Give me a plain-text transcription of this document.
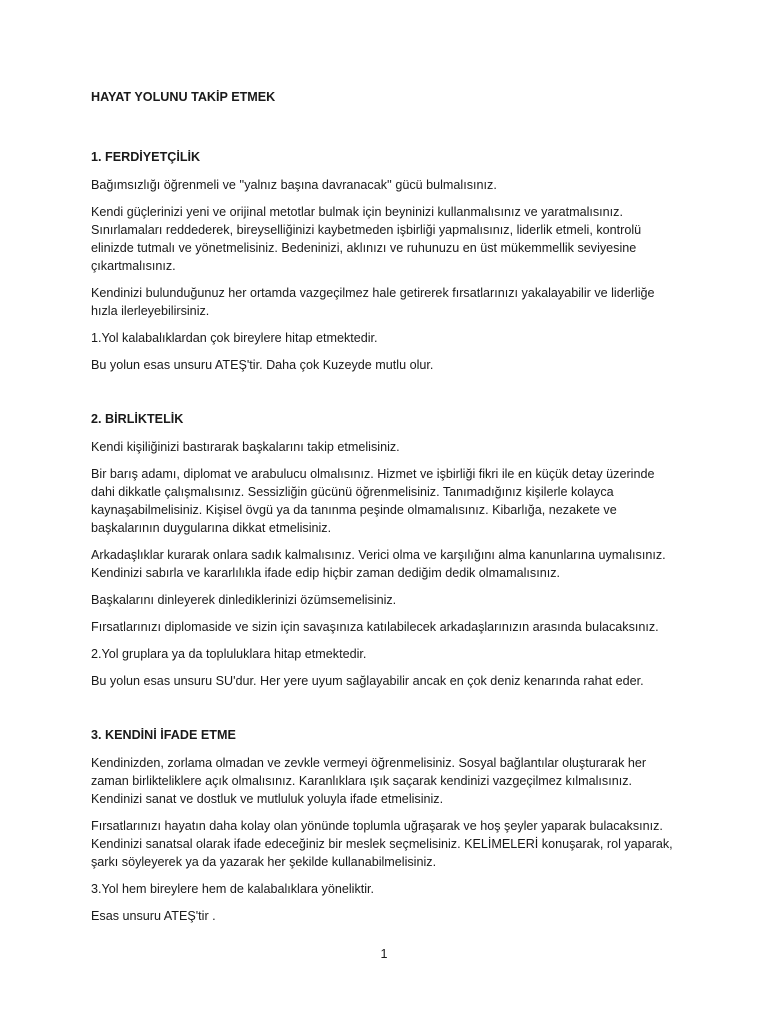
HAYAT YOLUNU TAKİP ETMEK
1. FERDİYETÇİLİK

Bağımsızlığı öğrenmeli ve ''yalnız başına davranacak'' gücü bulmalısınız.

Kendi güçlerinizi yeni ve orijinal metotlar bulmak için beyninizi kullanmalısınız ve yaratmalısınız. Sınırlamaları reddederek, bireyselliğinizi kaybetmeden işbirliği yapmalısınız, liderlik etmeli, kontrolü elinizde tutmalı ve yönetmelisiniz. Bedeninizi, aklınızı ve ruhunuzu en üst mükemmellik seviyesine çıkartmalısınız.

Kendinizi bulunduğunuz her ortamda vazgeçilmez hale getirerek fırsatlarınızı yakalayabilir ve liderliğe hızla ilerleyebilirsiniz.

1.Yol kalabalıklardan çok bireylere hitap etmektedir.

Bu yolun esas unsuru ATEŞ'tir. Daha çok Kuzeyde mutlu olur.

2. BİRLİKTELİK

Kendi kişiliğinizi bastırarak başkalarını takip etmelisiniz.

Bir barış adamı, diplomat ve arabulucu olmalısınız. Hizmet ve işbirliği fikri ile en küçük detay üzerinde dahi dikkatle çalışmalısınız. Sessizliğin gücünü öğrenmelisiniz. Tanımadığınız kişilerle kolayca kaynaşabilmelisiniz. Kişisel övgü ya da tanınma peşinde olmamalısınız. Kibarlığa, nezakete ve başkalarının duygularına dikkat etmelisiniz.

Arkadaşlıklar kurarak onlara sadık kalmalısınız. Verici olma ve karşılığını alma kanunlarına uymalısınız. Kendinizi sabırla ve kararlılıkla ifade edip hiçbir zaman dediğim dedik olmamalısınız.

Başkalarını dinleyerek dinlediklerinizi özümsemelisiniz.

Fırsatlarınızı diplomaside ve sizin için savaşınıza katılabilecek arkadaşlarınızın arasında bulacaksınız.

2.Yol gruplara ya da topluluklara hitap etmektedir.

Bu yolun esas unsuru SU'dur. Her yere uyum sağlayabilir ancak en çok deniz kenarında rahat eder.

3. KENDİNİ İFADE ETME

Kendinizden, zorlama olmadan ve zevkle vermeyi öğrenmelisiniz. Sosyal bağlantılar oluşturarak her zaman birlikteliklere açık olmalısınız. Karanlıklara ışık saçarak kendinizi vazgeçilmez kılmalısınız. Kendinizi sanat ve dostluk ve mutluluk yoluyla ifade etmelisiniz.

Fırsatlarınızı hayatın daha kolay olan yönünde toplumla uğraşarak ve hoş şeyler yaparak bulacaksınız. Kendinizi sanatsal olarak ifade edeceğiniz bir meslek seçmelisiniz. KELİMELERİ konuşarak, rol yaparak, şarkı söyleyerek ya da yazarak her şekilde kullanabilmelisiniz.

3.Yol hem bireylere hem de kalabalıklara yöneliktir.

Esas unsuru ATEŞ'tir .

1
